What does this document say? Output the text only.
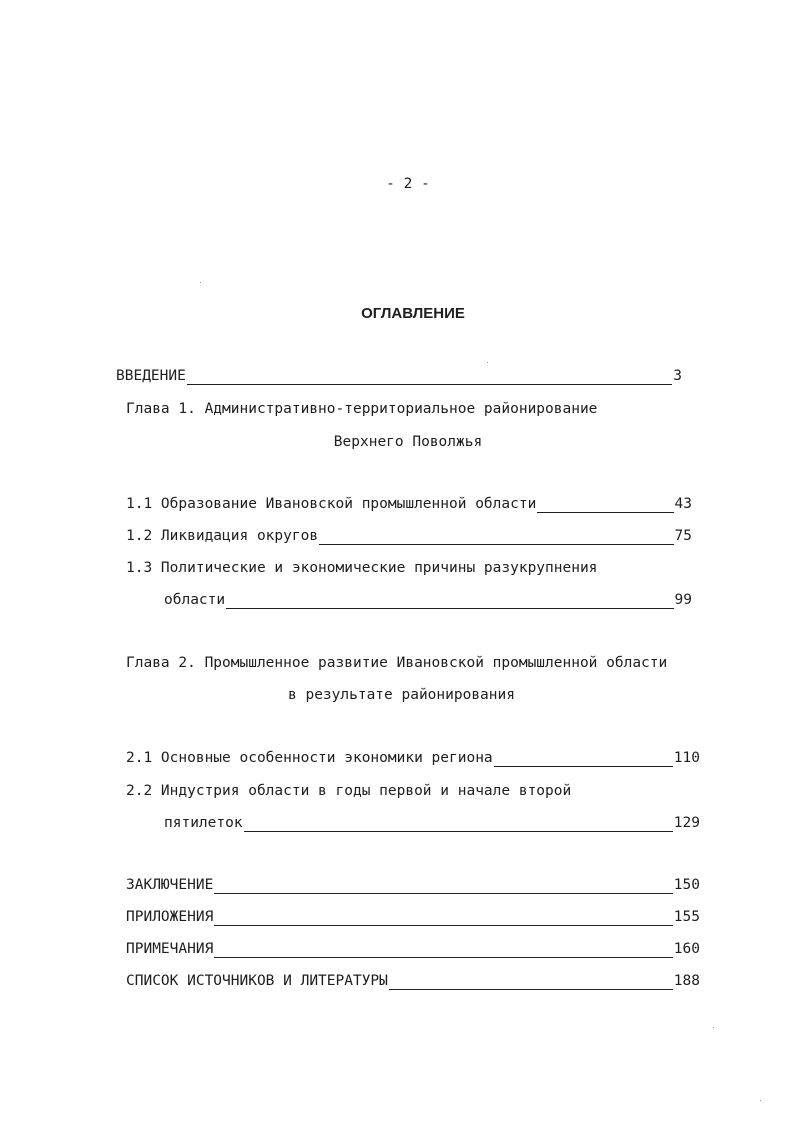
- 2 -
ОГЛАВЛЕНИЕ
ВВЕДЕНИЕ	3
Глава 1. Административно-территориальное районирование
Верхнего Поволжья
1.1 Образование Ивановской промышленной области	43
1.2 Ликвидация округов	75
1.3 Политические и экономические причины разукрупнения
области	99
Глава 2. Промышленное развитие Ивановской промышленной области
в результате районирования
2.1 Основные особенности экономики региона	110
2.2 Индустрия области в годы первой и начале второй
пятилеток	129
ЗАКЛЮЧЕНИЕ	150
ПРИЛОЖЕНИЯ	155
ПРИМЕЧАНИЯ	160
СПИСОК ИСТОЧНИКОВ И ЛИТЕРАТУРЫ	188
